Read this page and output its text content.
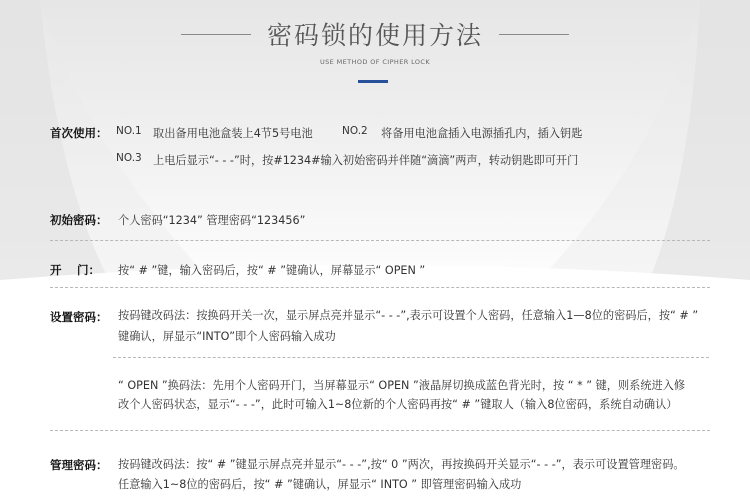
密码锁的使用方法
USE METHOD OF CIPHER LOCK
首次使用： NO.1 取出备用电池盒装上4节5号电池	NO.2 将备用电池盒插入电源插孔内，插入钥匙
NO.3 上电后显示“- - -”时，按#1234#输入初始密码并伴随“滴滴”两声，转动钥匙即可开门
初始密码： 个人密码“1234” 管理密码“123456”
开　 门： 按“ # ”键，输入密码后，按“ # ”键确认，屏幕显示“ OPEN ”
设置密码： 按码键改码法：按换码开关一次，显示屏点亮并显示“- - -”,表示可设置个人密码，任意输入1—8位的密码后，按“ # ”
键确认，屏显示“INTO”即个人密码输入成功
“ OPEN ”换码法：先用个人密码开门，当屏幕显示“ OPEN ”液晶屏切换成蓝色背光时，按 “ * ” 键，则系统进入修
改个人密码状态，显示“- - -”，此时可输入1~8位新的个人密码再按“ # ”键取人（输入8位密码，系统自动确认）
管理密码： 按码键改码法：按“ # ”键显示屏点亮并显示“- - -”,按“ 0 ”两次，再按换码开关显示“- - -”，表示可设置管理密码。
任意输入1~8位的密码后，按“ # ”键确认，屏显示“ INTO ” 即管理密码输入成功
